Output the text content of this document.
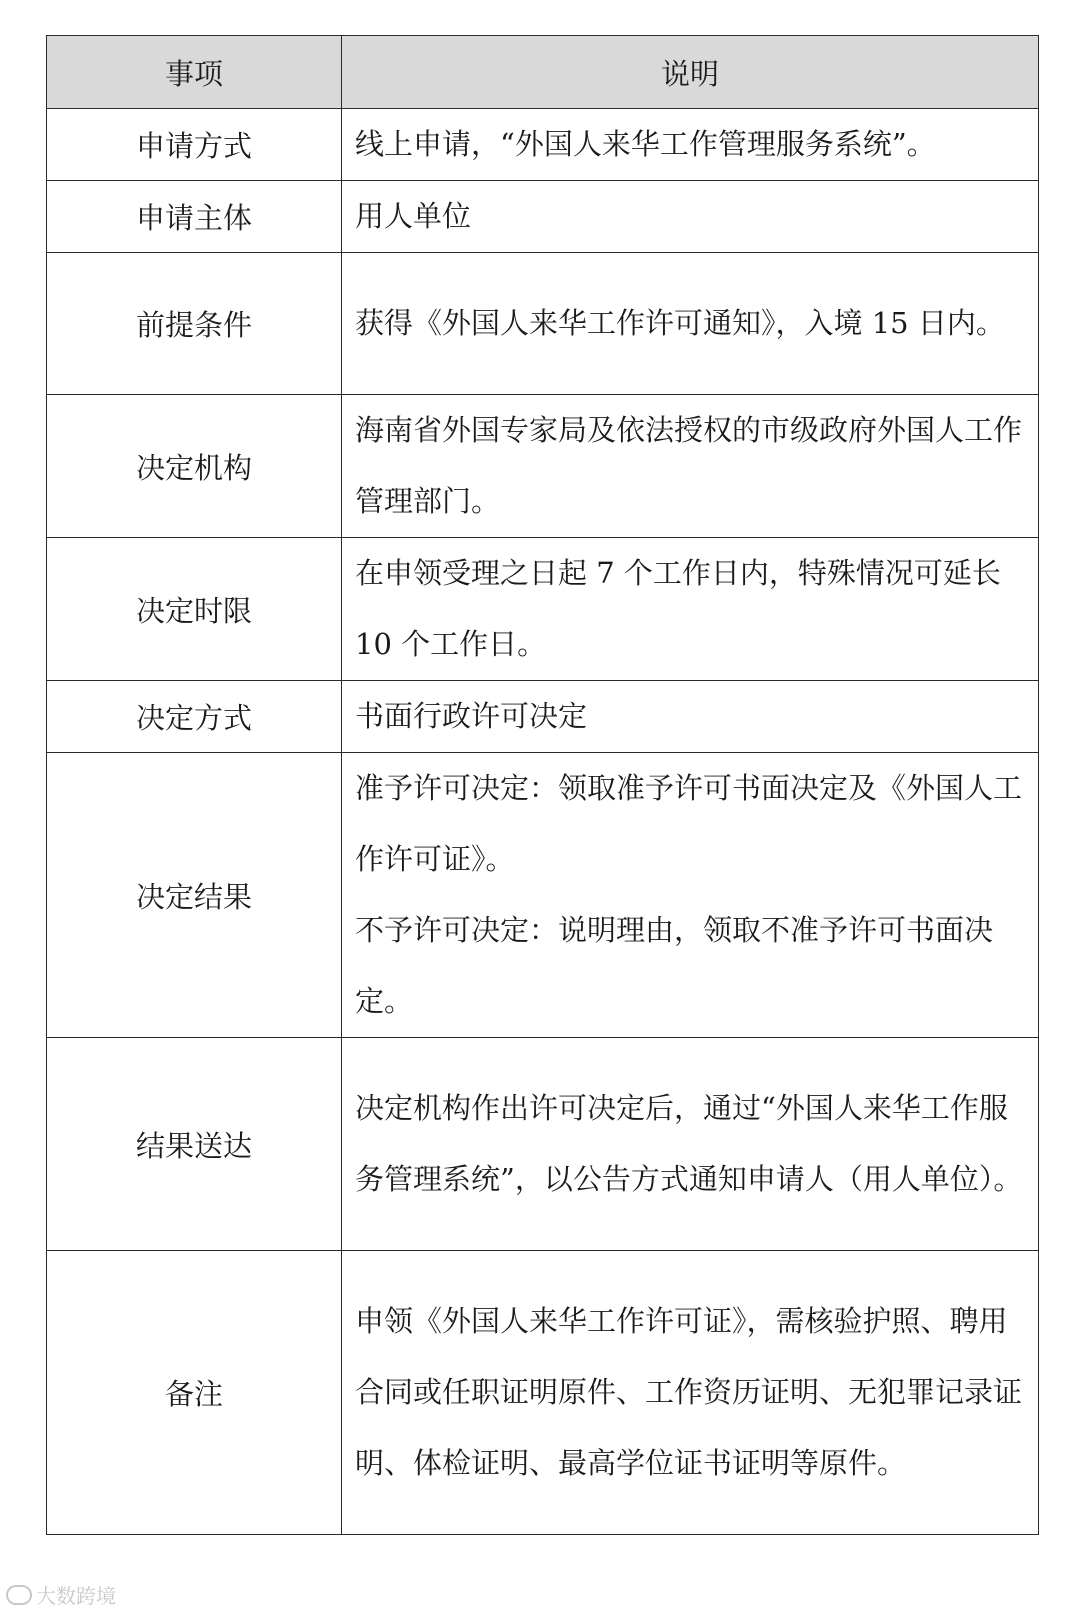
事项	说明
申请方式	线上申请，“外国人来华工作管理服务系统”。

申请主体	用人单位

前提条件	获得《外国人来华工作许可通知》，入境 15 日内。

决定机构	海南省外国专家局及依法授权的市级政府外国人工作管理部门。

决定时限	在申领受理之日起 7 个工作日内，特殊情况可延长 10 个工作日。

决定方式	书面行政许可决定

决定结果	准予许可决定：领取准予许可书面决定及《外国人工作许可证》。
不予许可决定：说明理由，领取不准予许可书面决定。

结果送达	决定机构作出许可决定后，通过“外国人来华工作服务管理系统”，以公告方式通知申请人（用人单位）。

备注	申领《外国人来华工作许可证》，需核验护照、聘用合同或任职证明原件、工作资历证明、无犯罪记录证明、体检证明、最高学位证书证明等原件。
大数跨境
